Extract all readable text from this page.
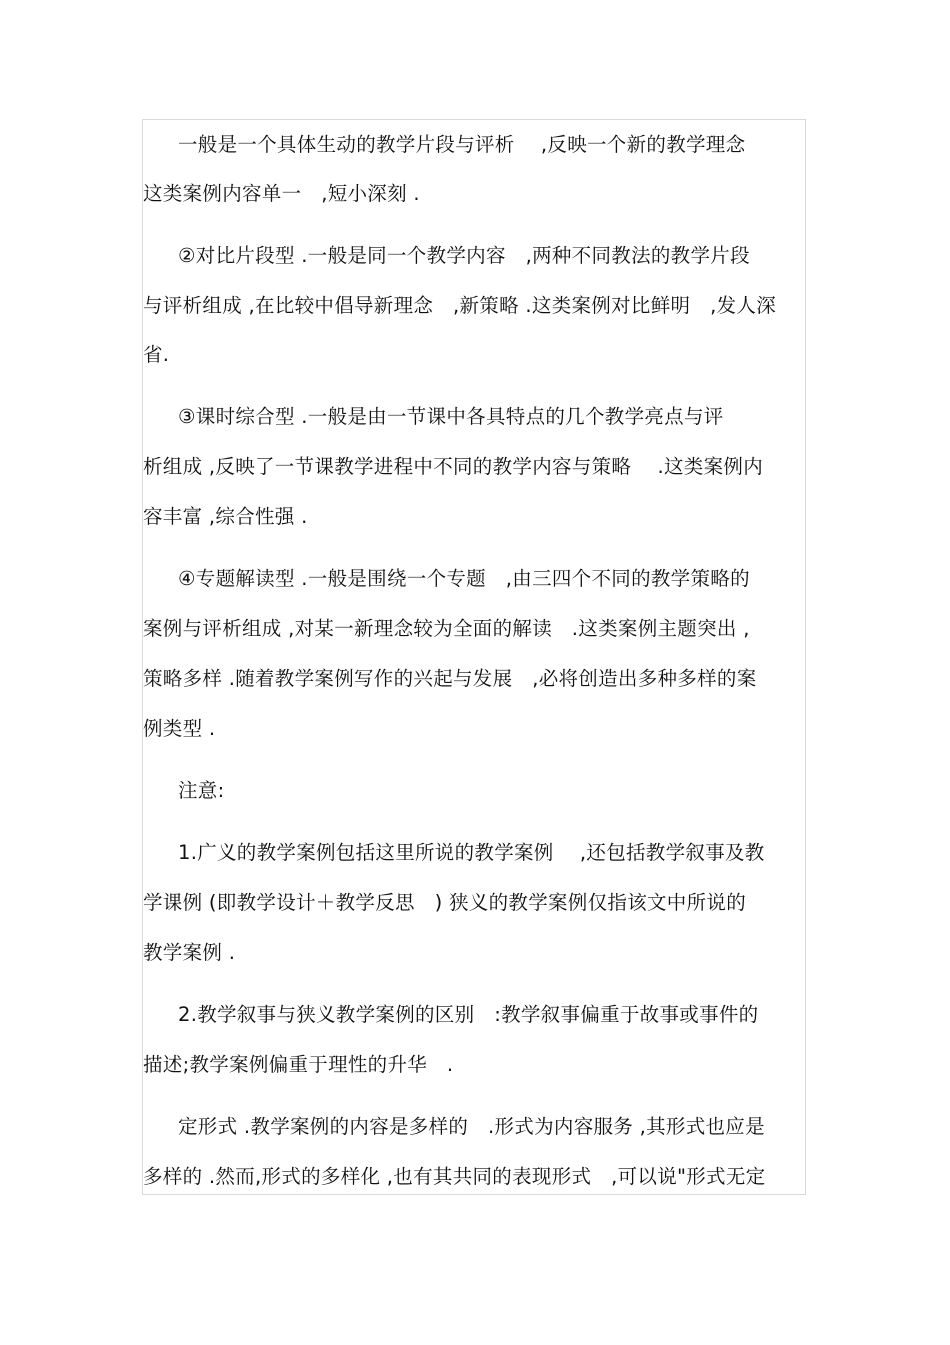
一般是一个具体生动的教学片段与评析　 ,反映一个新的教学理念
这类案例内容单一　,短小深刻 .
②对比片段型 .一般是同一个教学内容　,两种不同教法的教学片段
与评析组成 ,在比较中倡导新理念　,新策略 .这类案例对比鲜明　,发人深
省.
③课时综合型 .一般是由一节课中各具特点的几个教学亮点与评
析组成 ,反映了一节课教学进程中不同的教学内容与策略　 .这类案例内
容丰富 ,综合性强 .
④专题解读型 .一般是围绕一个专题　,由三四个不同的教学策略的
案例与评析组成 ,对某一新理念较为全面的解读　.这类案例主题突出 ,
策略多样 .随着教学案例写作的兴起与发展　,必将创造出多种多样的案
例类型 .
注意:
1.广义的教学案例包括这里所说的教学案例　 ,还包括教学叙事及教
学课例 (即教学设计＋教学反思　) 狭义的教学案例仅指该文中所说的
教学案例 .
2.教学叙事与狭义教学案例的区别　:教学叙事偏重于故事或事件的
描述;教学案例偏重于理性的升华　.
定形式 .教学案例的内容是多样的　.形式为内容服务 ,其形式也应是
多样的 .然而,形式的多样化 ,也有其共同的表现形式　,可以说"形式无定
